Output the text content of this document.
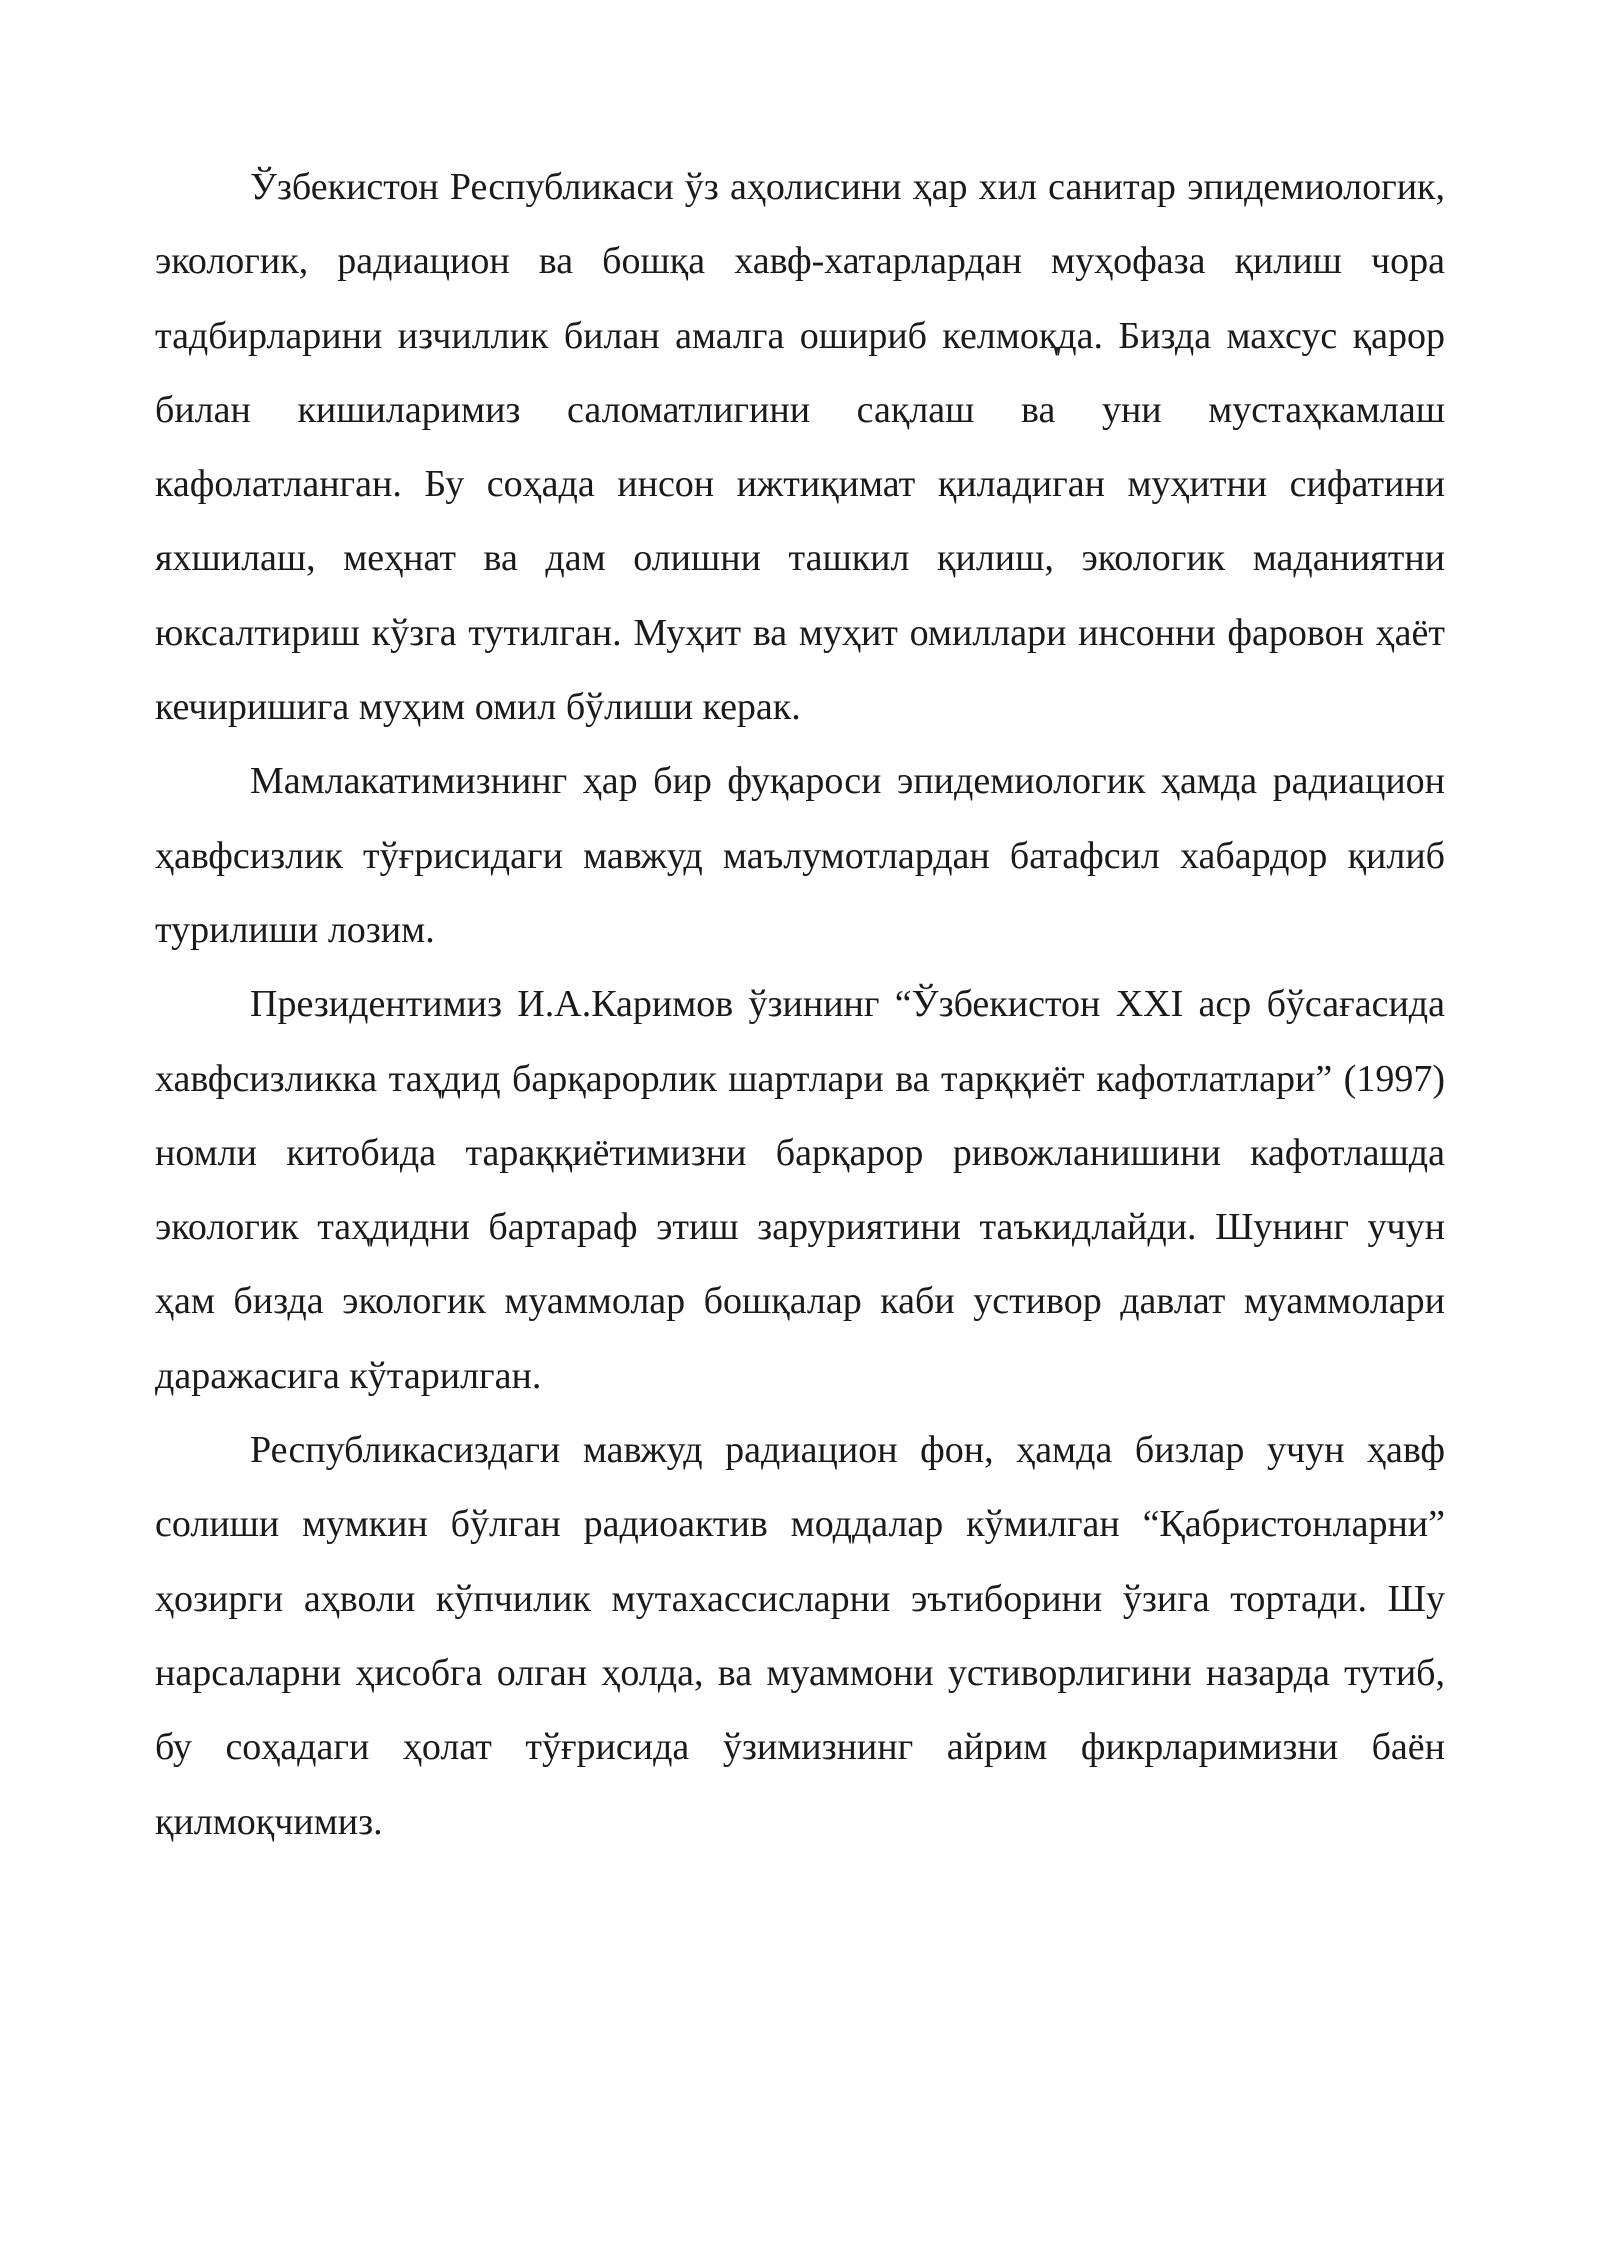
Ўзбекистон Республикаси ўз аҳолисини ҳар хил санитар эпидемиологик, экологик, радиацион ва бошқа хавф-хатарлардан муҳофаза қилиш чора тадбирларини изчиллик билан амалга ошириб келмоқда. Бизда махсус қарор билан кишиларимиз саломатлигини сақлаш ва уни мустаҳкамлаш кафолатланган. Бу соҳада инсон ижтиқимат қиладиган муҳитни сифатини яхшилаш, меҳнат ва дам олишни ташкил қилиш, экологик маданиятни юксалтириш кўзга тутилган. Муҳит ва муҳит омиллари инсонни фаровон ҳаёт кечиришига муҳим омил бўлиши керак.

Мамлакатимизнинг ҳар бир фуқароси эпидемиологик ҳамда радиацион ҳавфсизлик тўғрисидаги мавжуд маълумотлардан батафсил хабардор қилиб турилиши лозим.

Президентимиз И.А.Каримов ўзининг “Ўзбекистон XXI аср бўсағасида хавфсизликка таҳдид барқарорлик шартлари ва тарққиёт кафотлатлари” (1997) номли китобида тараққиётимизни барқарор ривожланишини кафотлашда экологик таҳдидни бартараф этиш заруриятини таъкидлайди. Шунинг учун ҳам бизда экологик муаммолар бошқалар каби устивор давлат муаммолари даражасига кўтарилган.

Республикасиздаги мавжуд радиацион фон, ҳамда бизлар учун ҳавф солиши мумкин бўлган радиоактив моддалар кўмилган “Қабристонларни” ҳозирги аҳволи кўпчилик мутахассисларни эътиборини ўзига тортади. Шу нарсаларни ҳисобга олган ҳолда, ва муаммони устиворлигини назарда тутиб, бу соҳадаги ҳолат тўғрисида ўзимизнинг айрим фикрларимизни баён қилмоқчимиз.
